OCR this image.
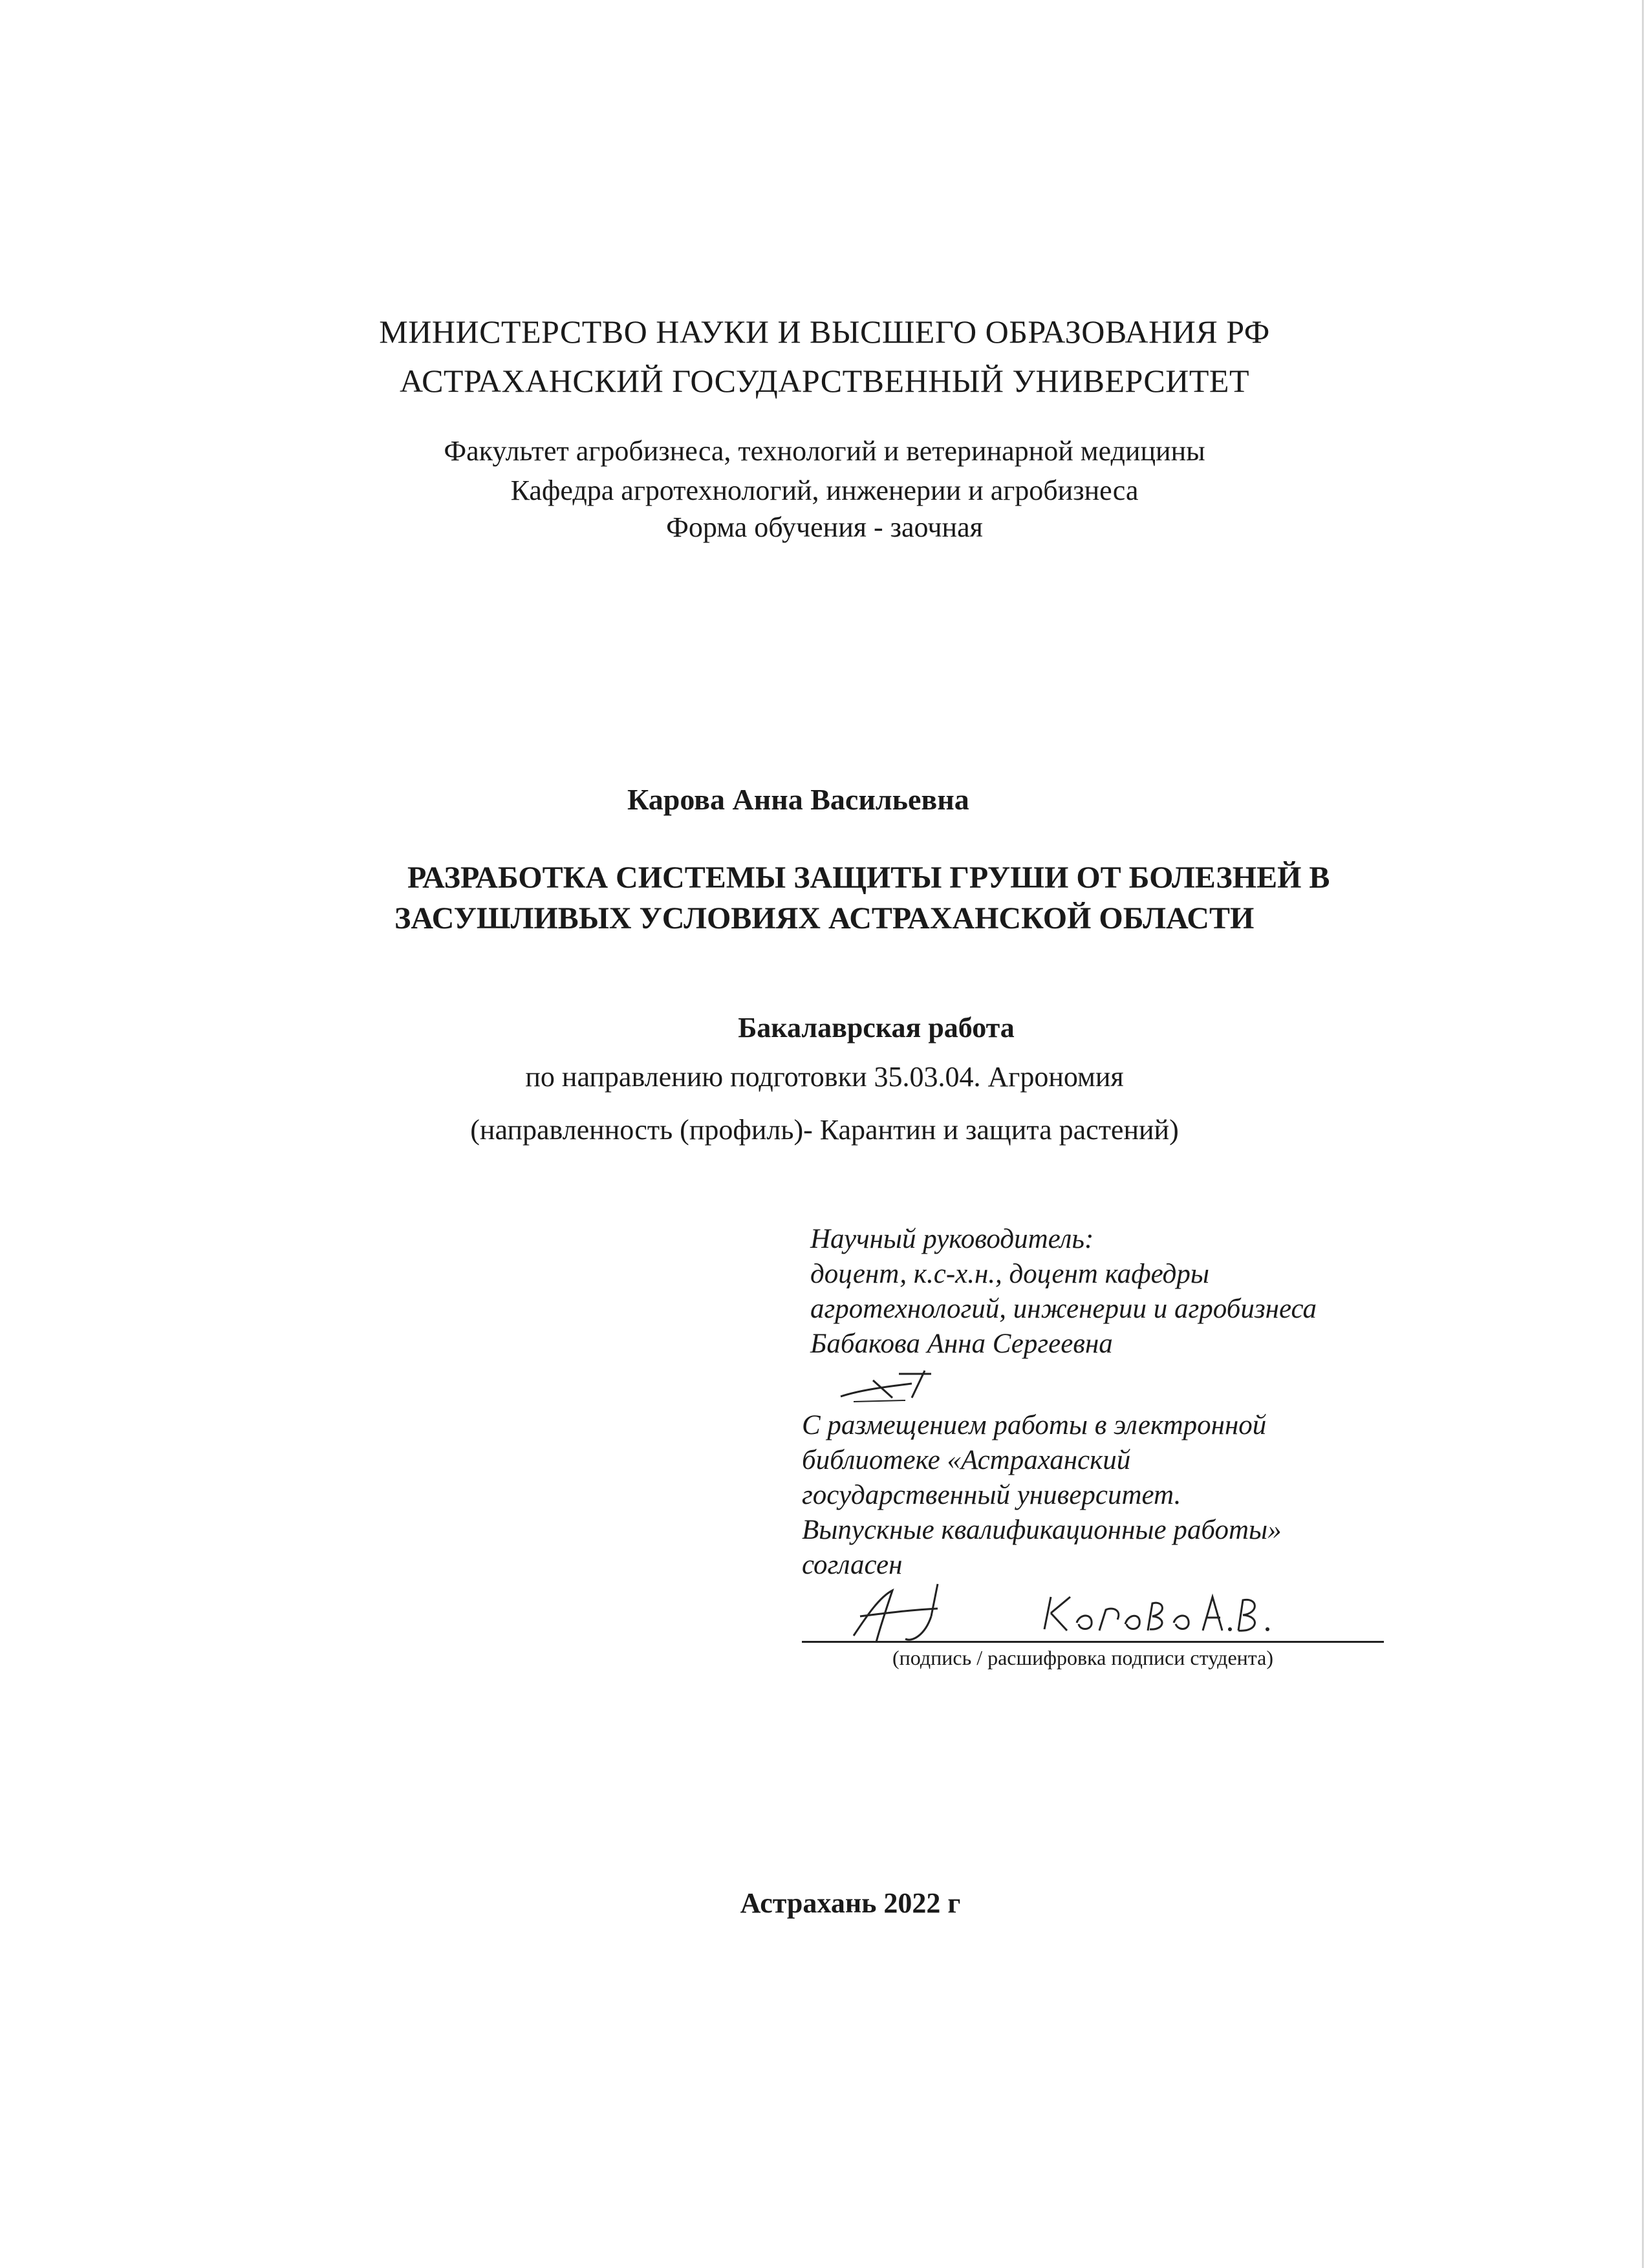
МИНИСТЕРСТВО НАУКИ И ВЫСШЕГО ОБРАЗОВАНИЯ РФ
АСТРАХАНСКИЙ ГОСУДАРСТВЕННЫЙ УНИВЕРСИТЕТ
Факультет агробизнеса, технологий и ветеринарной медицины
Кафедра агротехнологий, инженерии и агробизнеса
Форма обучения - заочная
Карова Анна Васильевна
РАЗРАБОТКА СИСТЕМЫ ЗАЩИТЫ ГРУШИ ОТ БОЛЕЗНЕЙ В
ЗАСУШЛИВЫХ УСЛОВИЯХ АСТРАХАНСКОЙ ОБЛАСТИ
Бакалаврская работа
по направлению подготовки 35.03.04. Агрономия
(направленность (профиль)- Карантин и защита растений)
Научный руководитель:
доцент, к.с-х.н., доцент кафедры
агротехнологий, инженерии и агробизнеса
Бабакова Анна Сергеевна
С размещением работы в электронной
библиотеке «Астраханский
государственный университет.
Выпускные квалификационные работы»
согласен
(подпись / расшифровка подписи студента)
Астрахань 2022 г
